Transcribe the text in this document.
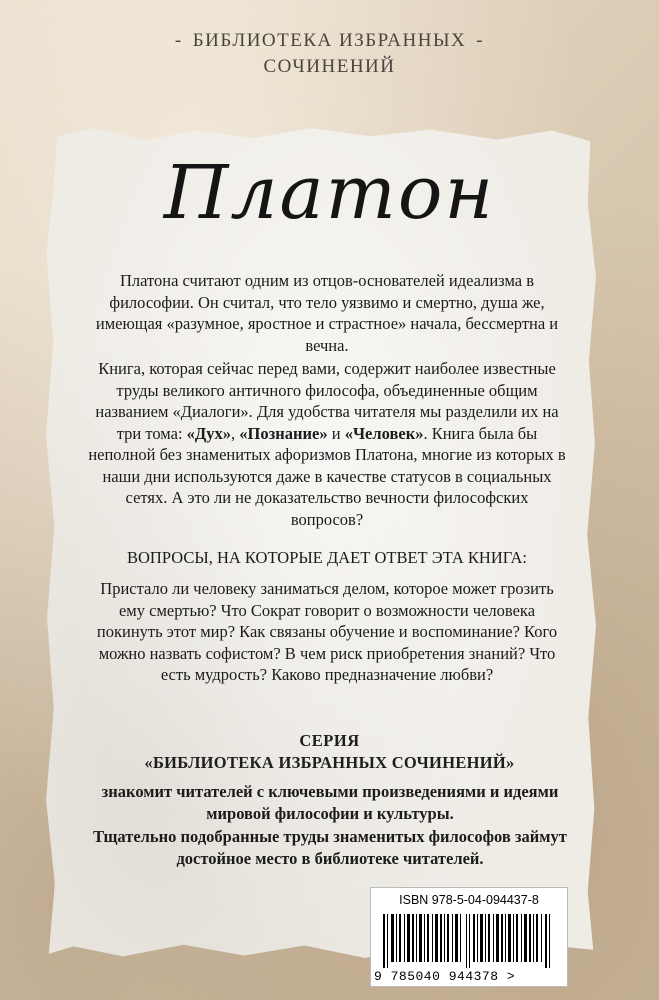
- БИБЛИОТЕКА ИЗБРАННЫХ -
СОЧИНЕНИЙ
Платон
Платона считают одним из отцов-основателей идеализма в философии. Он считал, что тело уязвимо и смертно, душа же, имеющая «разумное, яростное и страстное» начала, бессмертна и вечна.
Книга, которая сейчас перед вами, содержит наиболее известные труды великого античного философа, объединенные общим названием «Диалоги». Для удобства читателя мы разделили их на три тома: «Дух», «Познание» и «Человек». Книга была бы неполной без знаменитых афоризмов Платона, многие из которых в наши дни используются даже в качестве статусов в социальных сетях. А это ли не доказательство вечности философских вопросов?
ВОПРОСЫ, НА КОТОРЫЕ ДАЕТ ОТВЕТ ЭТА КНИГА:
Пристало ли человеку заниматься делом, которое может грозить ему смертью? Что Сократ говорит о возможности человека покинуть этот мир? Как связаны обучение и воспоминание? Кого можно назвать софистом? В чем риск приобретения знаний? Что есть мудрость? Каково предназначение любви?
СЕРИЯ
«БИБЛИОТЕКА ИЗБРАННЫХ СОЧИНЕНИЙ»
знакомит читателей с ключевыми произведениями и идеями мировой философии и культуры.
Тщательно подобранные труды знаменитых философов займут достойное место в библиотеке читателей.
ISBN 978-5-04-094437-8
9 785040 944378 >
